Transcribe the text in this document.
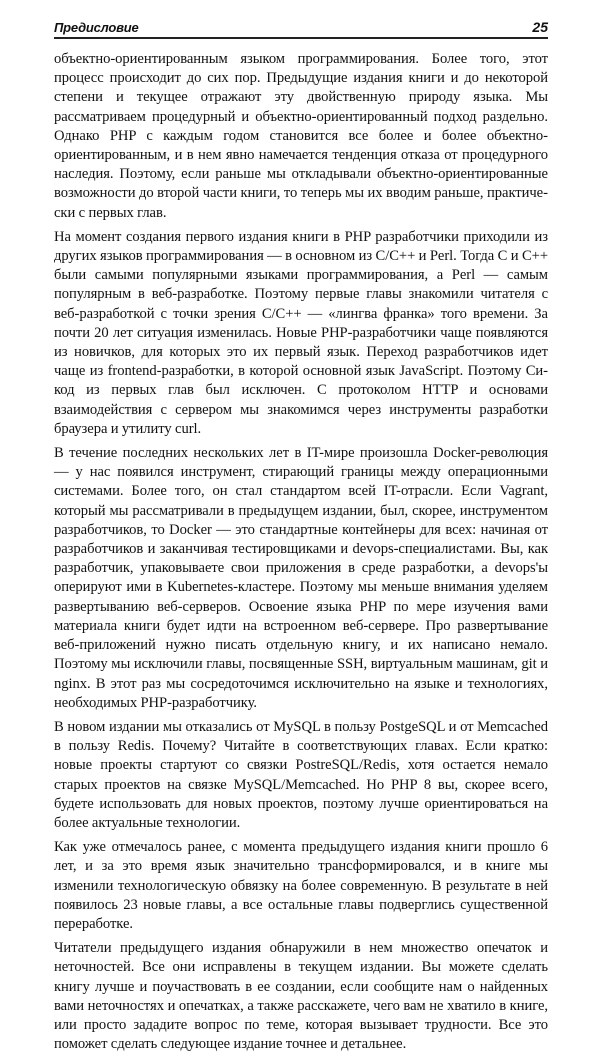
Предисловие	25

объектно-ориентированным языком программирования. Более того, этот процесс происходит до сих пор. Предыдущие издания книги и до некоторой степени и текущее отражают эту двойственную природу языка. Мы рассматриваем процедурный и объектно-ориентированный подход раздельно. Однако PHP с каждым годом становится все более и более объектно-ориентированным, и в нем явно намечается тенденция отказа от процедурного наследия. Поэтому, если раньше мы откладывали объектно-ориентированные возможности до второй части книги, то теперь мы их вводим раньше, практически с первых глав.

На момент создания первого издания книги в PHP разработчики приходили из других языков программирования — в основном из C/C++ и Perl. Тогда C и C++ были самыми популярными языками программирования, а Perl — самым популярным в веб-разработке. Поэтому первые главы знакомили читателя с веб-разработкой с точки зрения C/C++ — «лингва франка» того времени. За почти 20 лет ситуация изменилась. Новые PHP-разработчики чаще появляются из новичков, для которых это их первый язык. Переход разработчиков идет чаще из frontend-разработки, в которой основной язык JavaScript. Поэтому Си-код из первых глав был исключен. С протоколом HTTP и основами взаимодействия с сервером мы знакомимся через инструменты разработки браузера и утилиту curl.

В течение последних нескольких лет в IT-мире произошла Docker-революция — у нас появился инструмент, стирающий границы между операционными системами. Более того, он стал стандартом всей IT-отрасли. Если Vagrant, который мы рассматривали в предыдущем издании, был, скорее, инструментом разработчиков, то Docker — это стандартные контейнеры для всех: начиная от разработчиков и заканчивая тестировщиками и devops-специалистами. Вы, как разработчик, упаковываете свои приложения в среде разработки, а devops'ы оперируют ими в Kubernetes-кластере. Поэтому мы меньше внимания уделяем развертыванию веб-серверов. Освоение языка PHP по мере изучения вами материала книги будет идти на встроенном веб-сервере. Про развертывание веб-приложений нужно писать отдельную книгу, и их написано немало. Поэтому мы исключили главы, посвященные SSH, виртуальным машинам, git и nginx. В этот раз мы сосредоточимся исключительно на языке и технологиях, необходимых PHP-разработчику.

В новом издании мы отказались от MySQL в пользу PostgeSQL и от Memcached в пользу Redis. Почему? Читайте в соответствующих главах. Если кратко: новые проекты стартуют со связки PostreSQL/Redis, хотя остается немало старых проектов на связке MySQL/Memcached. Но PHP 8 вы, скорее всего, будете использовать для новых проектов, поэтому лучше ориентироваться на более актуальные технологии.

Как уже отмечалось ранее, с момента предыдущего издания книги прошло 6 лет, и за это время язык значительно трансформировался, и в книге мы изменили технологическую обвязку на более современную. В результате в ней появилось 23 новые главы, а все остальные главы подверглись существенной переработке.

Читатели предыдущего издания обнаружили в нем множество опечаток и неточностей. Все они исправлены в текущем издании. Вы можете сделать книгу лучше и поучаствовать в ее создании, если сообщите нам о найденных вами неточностях и опечатках, а также расскажете, чего вам не хватило в книге, или просто зададите вопрос по теме, которая вызывает трудности. Все это поможет сделать следующее издание точнее и детальнее.
